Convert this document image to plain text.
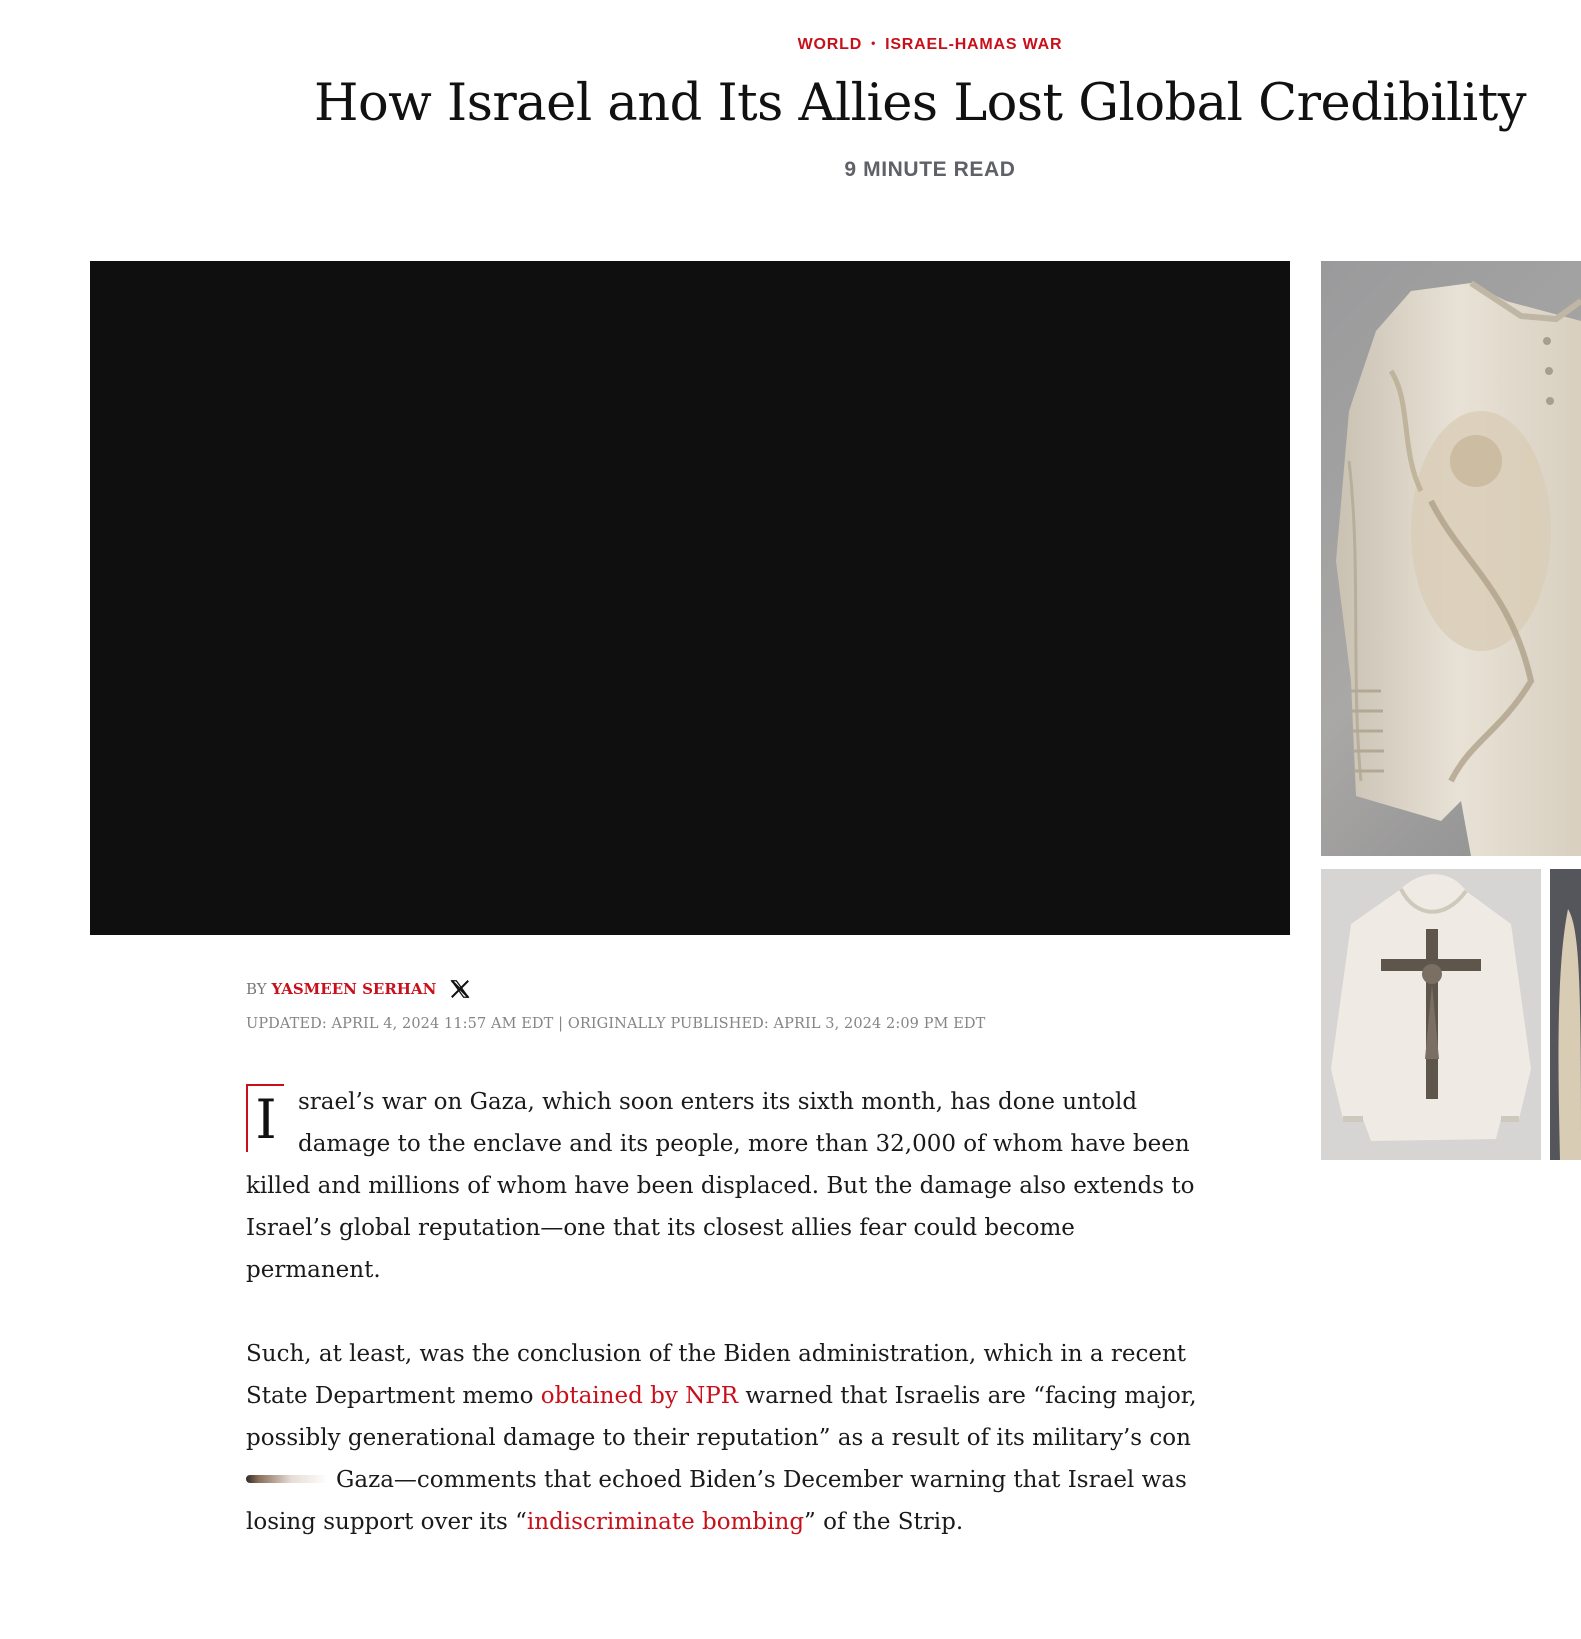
WORLD • ISRAEL-HAMAS WAR
How Israel and Its Allies Lost Global Credibility
9 MINUTE READ
BY YASMEEN SERHAN
UPDATED: APRIL 4, 2024 11:57 AM EDT | ORIGINALLY PUBLISHED: APRIL 3, 2024 2:09 PM EDT

I srael’s war on Gaza, which soon enters its sixth month, has done untold damage to the enclave and its people, more than 32,000 of whom have been killed and millions of whom have been displaced. But the damage also extends to Israel’s global reputation—one that its closest allies fear could become permanent.

Such, at least, was the conclusion of the Biden administration, which in a recent State Department memo obtained by NPR warned that Israelis are “facing major, possibly generational damage to their reputation” as a result of its military’s conGaza—comments that echoed Biden’s December warning that Israel was losing support over its “indiscriminate bombing” of the Strip.
